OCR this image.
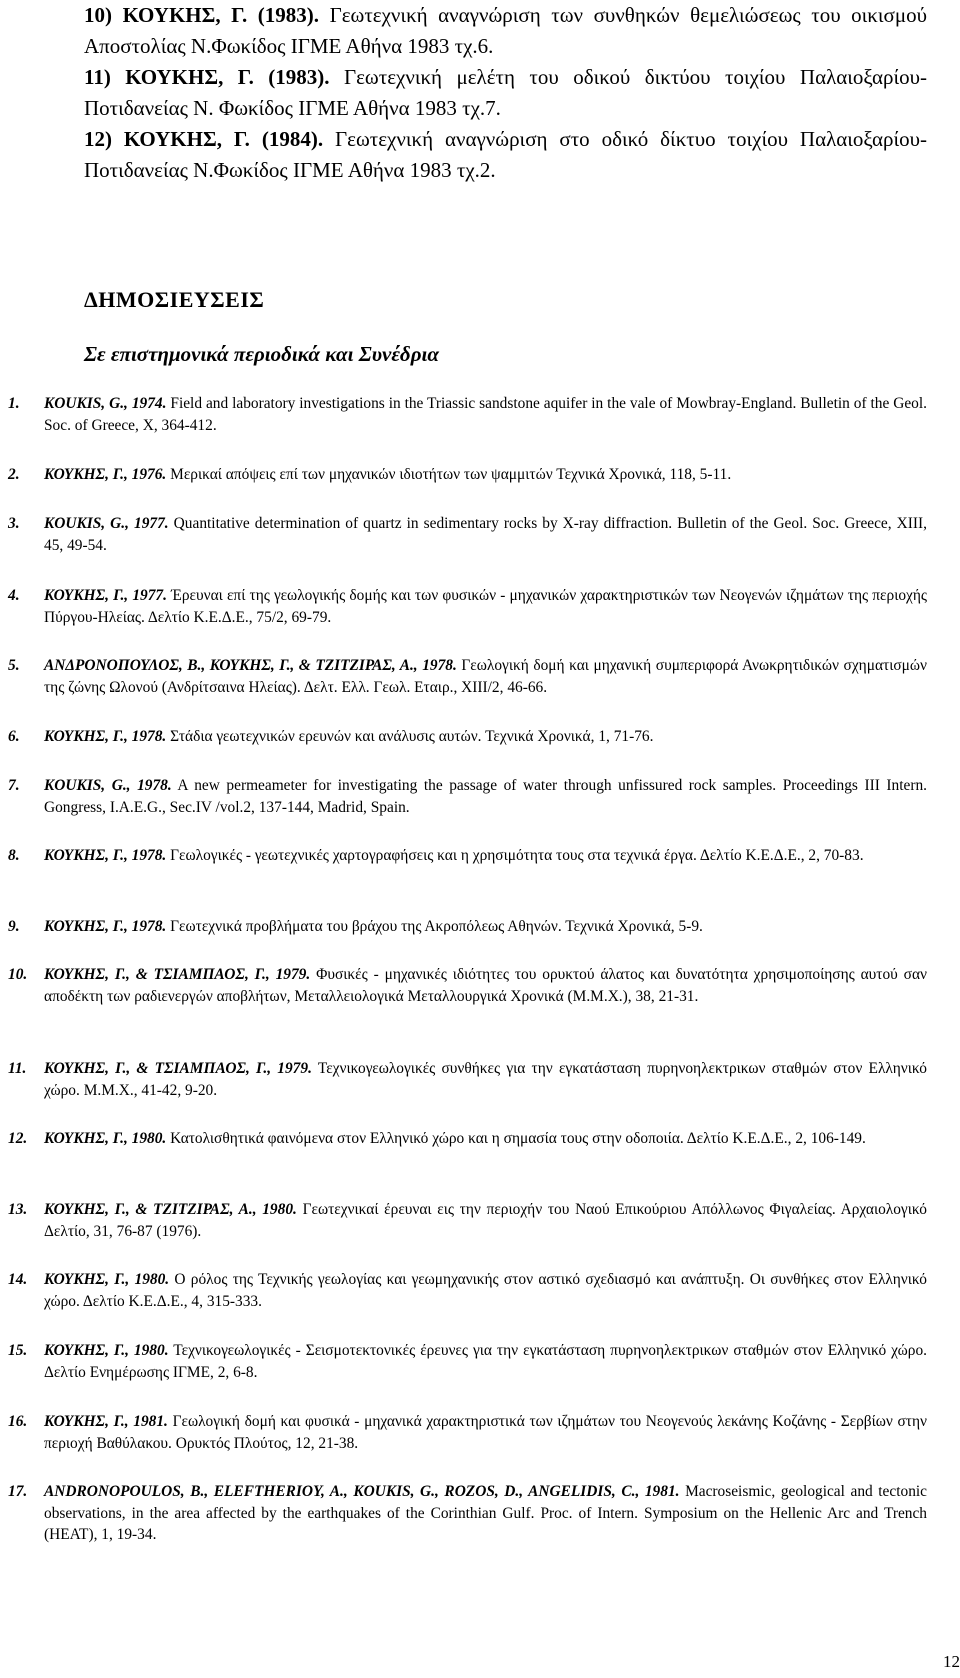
10) ΚΟΥΚΗΣ, Γ. (1983). Γεωτεχνική αναγνώριση των συνθηκών θεμελιώσεως του οικισμού Αποστολίας Ν.Φωκίδος ΙΓΜΕ Αθήνα 1983 τχ.6.
11) ΚΟΥΚΗΣ, Γ. (1983). Γεωτεχνική μελέτη του οδικού δικτύου τοιχίου Παλαιοξαρίου-Ποτιδανείας Ν. Φωκίδος ΙΓΜΕ Αθήνα 1983 τχ.7.
12) ΚΟΥΚΗΣ, Γ. (1984). Γεωτεχνική αναγνώριση στο οδικό δίκτυο τοιχίου Παλαιοξαρίου-Ποτιδανείας Ν.Φωκίδος ΙΓΜΕ Αθήνα 1983 τχ.2.
ΔΗΜΟΣΙΕΥΣΕΙΣ
Σε επιστημονικά περιοδικά και Συνέδρια
1. KOUKIS, G., 1974. Field and laboratory investigations in the Triassic sandstone aquifer in the vale of Mowbray-England. Bulletin of the Geol. Soc. of Greece, X, 364-412.
2. ΚΟΥΚΗΣ, Γ., 1976. Μερικαί απόψεις επί των μηχανικών ιδιοτήτων των ψαμμιτών Τεχνικά Χρονικά, 118, 5-11.
3. KOUKIS, G., 1977. Quantitative determination of quartz in sedimentary rocks by X-ray diffraction. Bulletin of the Geol. Soc. Greece, XIII, 45, 49-54.
4. ΚΟΥΚΗΣ, Γ., 1977. Έρευναι επί της γεωλογικής δομής και των φυσικών - μηχανικών χαρακτηριστικών των Νεογενών ιζημάτων της περιοχής Πύργου-Ηλείας. Δελτίο Κ.Ε.Δ.Ε., 75/2, 69-79.
5. ΑΝΔΡΟΝΟΠΟΥΛΟΣ, Β., ΚΟΥΚΗΣ, Γ., & ΤΖΙΤΖΙΡΑΣ, Α., 1978. Γεωλογική δομή και μηχανική συμπεριφορά Ανωκρητιδικών σχηματισμών της ζώνης Ωλονού (Ανδρίτσαινα Ηλείας). Δελτ. Ελλ. Γεωλ. Εταιρ., XIII/2, 46-66.
6. ΚΟΥΚΗΣ, Γ., 1978. Στάδια γεωτεχνικών ερευνών και ανάλυσις αυτών. Τεχνικά Χρονικά, 1, 71-76.
7. KOUKIS, G., 1978. A new permeameter for investigating the passage of water through unfissured rock samples. Proceedings III Intern. Gongress, I.A.E.G., Sec.IV /vol.2, 137-144, Madrid, Spain.
8. ΚΟΥΚΗΣ, Γ., 1978. Γεωλογικές - γεωτεχνικές χαρτογραφήσεις και η χρησιμότητα τους στα τεχνικά έργα. Δελτίο Κ.Ε.Δ.Ε., 2, 70-83.
9. ΚΟΥΚΗΣ, Γ., 1978. Γεωτεχνικά προβλήματα του βράχου της Ακροπόλεως Αθηνών. Τεχνικά Χρονικά, 5-9.
10. ΚΟΥΚΗΣ, Γ., & ΤΣΙΑΜΠΑΟΣ, Γ., 1979. Φυσικές - μηχανικές ιδιότητες του ορυκτού άλατος και δυνατότητα χρησιμοποίησης αυτού σαν αποδέκτη των ραδιενεργών αποβλήτων, Μεταλλειολογικά Μεταλλουργικά Χρονικά (Μ.Μ.Χ.), 38, 21-31.
11. ΚΟΥΚΗΣ, Γ., & ΤΣΙΑΜΠΑΟΣ, Γ., 1979. Τεχνικογεωλογικές συνθήκες για την εγκατάσταση πυρηνοηλεκτρικων σταθμών στον Ελληνικό χώρο. Μ.Μ.Χ., 41-42, 9-20.
12. ΚΟΥΚΗΣ, Γ., 1980. Κατολισθητικά φαινόμενα στον Ελληνικό χώρο και η σημασία τους στην οδοποιία. Δελτίο Κ.Ε.Δ.Ε., 2, 106-149.
13. ΚΟΥΚΗΣ, Γ., & ΤΖΙΤΖΙΡΑΣ, Α., 1980. Γεωτεχνικαί έρευναι εις την περιοχήν του Ναού Επικούριου Απόλλωνος Φιγαλείας. Αρχαιολογικό Δελτίο, 31, 76-87 (1976).
14. ΚΟΥΚΗΣ, Γ., 1980. Ο ρόλος της Τεχνικής γεωλογίας και γεωμηχανικής στον αστικό σχεδιασμό και ανάπτυξη. Οι συνθήκες στον Ελληνικό χώρο. Δελτίο Κ.Ε.Δ.Ε., 4, 315-333.
15. ΚΟΥΚΗΣ, Γ., 1980. Τεχνικογεωλογικές - Σεισμοτεκτονικές έρευνες για την εγκατάσταση πυρηνοηλεκτρικων σταθμών στον Ελληνικό χώρο. Δελτίο Ενημέρωσης ΙΓΜΕ, 2, 6-8.
16. ΚΟΥΚΗΣ, Γ., 1981. Γεωλογική δομή και φυσικά - μηχανικά χαρακτηριστικά των ιζημάτων του Νεογενούς λεκάνης Κοζάνης - Σερβίων στην περιοχή Βαθύλακου. Ορυκτός Πλούτος, 12, 21-38.
17. ANDRONOPOULOS, B., ELEFTHERIOY, A., KOUKIS, G., ROZOS, D., ANGELIDIS, C., 1981. Macroseismic, geological and tectonic observations, in the area affected by the earthquakes of the Corinthian Gulf. Proc. of Intern. Symposium on the Hellenic Arc and Trench (HEAT), 1, 19-34.
12
